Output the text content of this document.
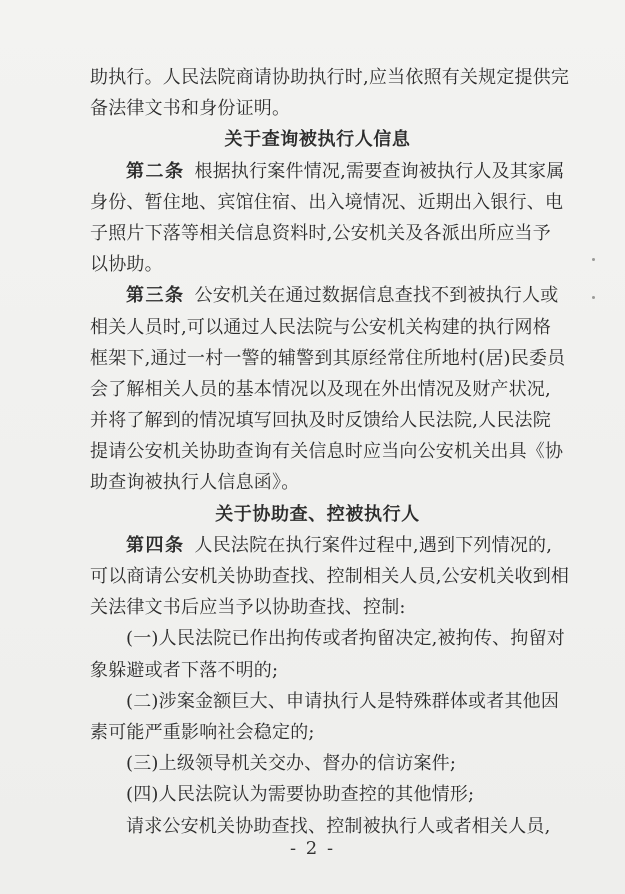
助执行。人民法院商请协助执行时,应当依照有关规定提供完
备法律文书和身份证明。
关于查询被执行人信息
第二条 根据执行案件情况,需要查询被执行人及其家属
身份、暂住地、宾馆住宿、出入境情况、近期出入银行、电
子照片下落等相关信息资料时,公安机关及各派出所应当予
以协助。
第三条 公安机关在通过数据信息查找不到被执行人或
相关人员时,可以通过人民法院与公安机关构建的执行网格
框架下,通过一村一警的辅警到其原经常住所地村(居)民委员
会了解相关人员的基本情况以及现在外出情况及财产状况,
并将了解到的情况填写回执及时反馈给人民法院,人民法院
提请公安机关协助查询有关信息时应当向公安机关出具《协
助查询被执行人信息函》。
关于协助查、控被执行人
第四条 人民法院在执行案件过程中,遇到下列情况的,
可以商请公安机关协助查找、控制相关人员,公安机关收到相
关法律文书后应当予以协助查找、控制:
(一)人民法院已作出拘传或者拘留决定,被拘传、拘留对
象躲避或者下落不明的;
(二)涉案金额巨大、申请执行人是特殊群体或者其他因
素可能严重影响社会稳定的;
(三)上级领导机关交办、督办的信访案件;
(四)人民法院认为需要协助查控的其他情形;
请求公安机关协助查找、控制被执行人或者相关人员,
- 2 -
